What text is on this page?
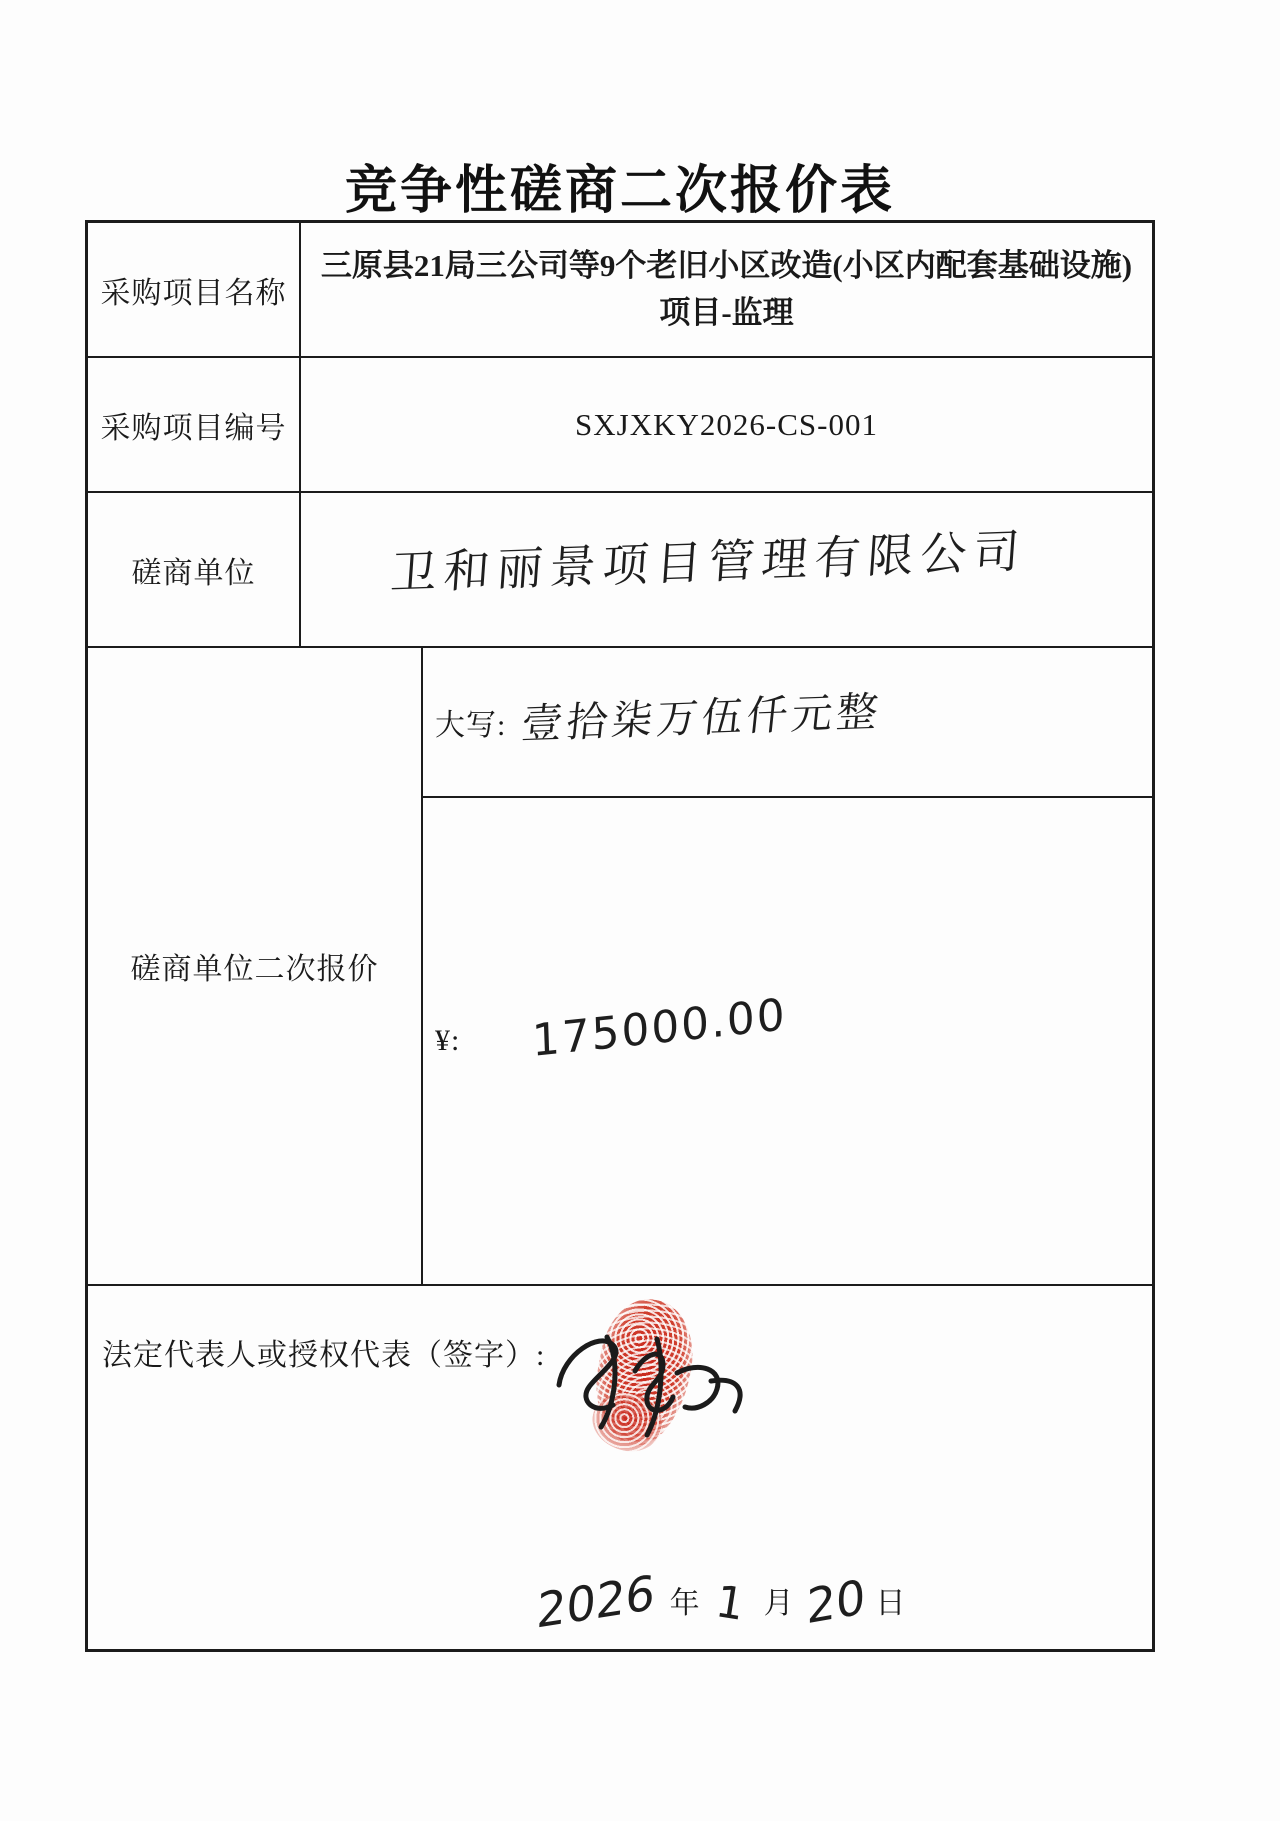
竞争性磋商二次报价表
采购项目名称
三原县21局三公司等9个老旧小区改造(小区内配套基础设施)
项目-监理
采购项目编号	SXJXKY2026-CS-001
磋商单位	卫和丽景项目管理有限公司
磋商单位二次报价
大写: 壹拾柒万伍仟元整
¥: 175000.00
法定代表人或授权代表（签字）:
2026 年 1 月 20 日
